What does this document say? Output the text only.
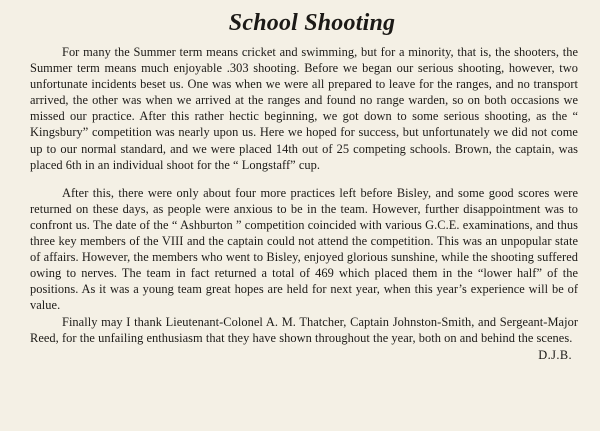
School Shooting

For many the Summer term means cricket and swimming, but for a minority, that is, the shooters, the Summer term means much enjoyable .303 shooting. Before we began our serious shooting, however, two unfortunate incidents beset us. One was when we were all prepared to leave for the ranges, and no transport arrived, the other was when we arrived at the ranges and found no range warden, so on both occasions we missed our practice. After this rather hectic beginning, we got down to some serious shooting, as the “ Kingsbury” competition was nearly upon us. Here we hoped for success, but unfortunately we did not come up to our normal standard, and we were placed 14th out of 25 competing schools. Brown, the captain, was placed 6th in an individual shoot for the “ Longstaff” cup.

After this, there were only about four more practices left before Bisley, and some good scores were returned on these days, as people were anxious to be in the team. However, further disappointment was to confront us. The date of the “ Ashburton ” competition coincided with various G.C.E. examinations, and thus three key members of the VIII and the captain could not attend the competition. This was an unpopular state of affairs. However, the members who went to Bisley, enjoyed glorious sunshine, while the shooting suffered owing to nerves. The team in fact returned a total of 469 which placed them in the “lower half” of the positions. As it was a young team great hopes are held for next year, when this year’s experience will be of value.

Finally may I thank Lieutenant-Colonel A. M. Thatcher, Captain Johnston-Smith, and Sergeant-Major Reed, for the unfailing enthusiasm that they have shown throughout the year, both on and behind the scenes.

D.J.B.
